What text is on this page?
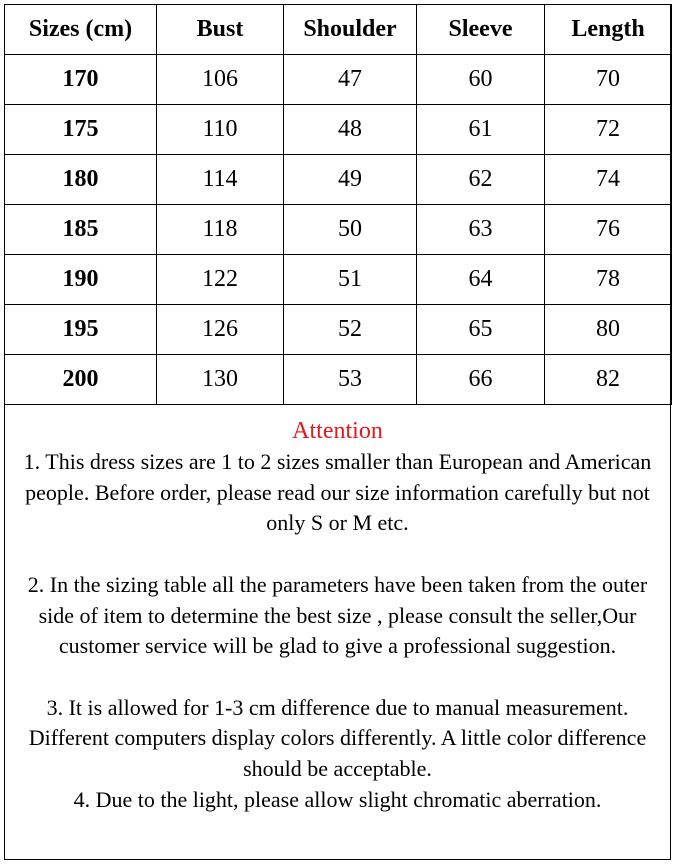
Sizes (cm)	Bust	Shoulder	Sleeve	Length
170	106	47	60	70
175	110	48	61	72
180	114	49	62	74
185	118	50	63	76
190	122	51	64	78
195	126	52	65	80
200	130	53	66	82
Attention

1. This dress sizes are 1 to 2 sizes smaller than European and American people. Before order, please read our size information carefully but not only S or M etc.

2. In the sizing table all the parameters have been taken from the outer side of item to determine the best size , please consult the seller,Our customer service will be glad to give a professional suggestion.

3. It is allowed for 1-3 cm difference due to manual measurement. Different computers display colors differently. A little color difference should be acceptable.

4. Due to the light, please allow slight chromatic aberration.
